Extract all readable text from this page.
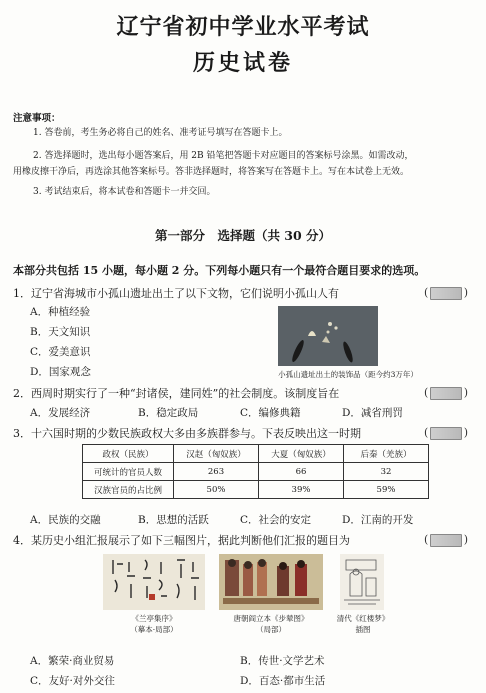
辽宁省初中学业水平考试
历史试卷
注意事项：
1. 答卷前，考生务必将自己的姓名、准考证号填写在答题卡上。
2. 答选择题时，选出每小题答案后，用 2B 铅笔把答题卡对应题目的答案标号涂黑。如需改动，
用橡皮擦干净后，再选涂其他答案标号。答非选择题时，将答案写在答题卡上。写在本试卷上无效。
3. 考试结束后，将本试卷和答题卡一并交回。
第一部分　选择题（共 30 分）
本部分共包括 15 小题，每小题 2 分。下列每小题只有一个最符合题目要求的选项。
1．辽宁省海城市小孤山遗址出土了以下文物，它们说明小孤山人有
( )
A．种植经验
B．天文知识
C．爱美意识
D．国家观念	小孤山遗址出土的装饰品（距今约3万年）
2．西周时期实行了一种“封诸侯，建同姓”的社会制度。该制度旨在
( )
A．发展经济	B．稳定政局	C．编修典籍	D．减省刑罚
3．十六国时期的少数民族政权大多由多族群参与。下表反映出这一时期
( )
政权（民族）	汉赵（匈奴族）	大夏（匈奴族）	后秦（羌族）
可统计的官员人数	263	66	32
汉族官员的占比例	50%	39%	59%
A．民族的交融	B．思想的活跃	C．社会的安定	D．江南的开发
4．某历史小组汇报展示了如下三幅图片，据此判断他们汇报的题目为
( )
《兰亭集序》
（摹本·局部）
唐朝阎立本《步辇图》
（局部）
清代《红楼梦》
插图
A．繁荣·商业贸易	B．传世·文学艺术
C．友好·对外交往	D．百态·都市生活
